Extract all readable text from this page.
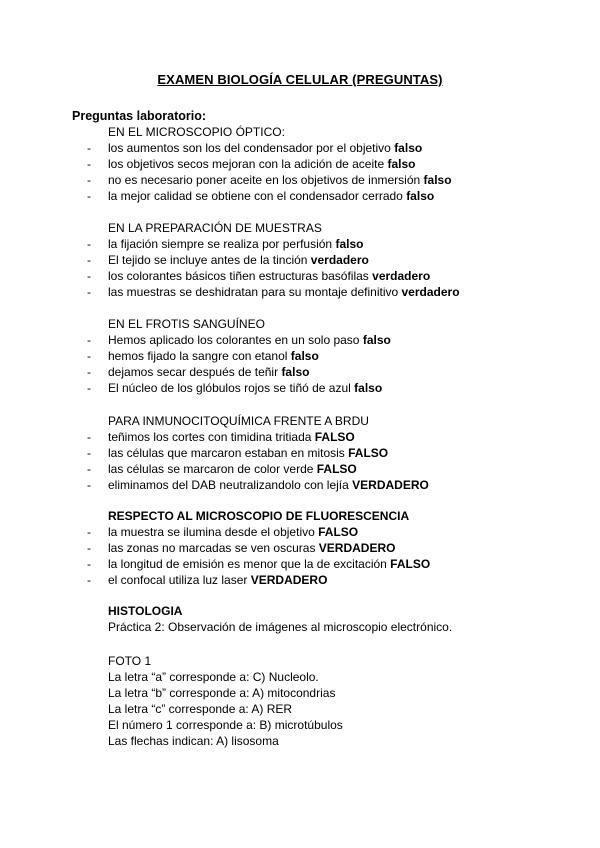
EXAMEN BIOLOGÍA CELULAR (PREGUNTAS)
Preguntas laboratorio:
EN EL MICROSCOPIO ÓPTICO:
- los aumentos son los del condensador por el objetivo falso
- los objetivos secos mejoran con la adición de aceite falso
- no es necesario poner aceite en los objetivos de inmersión falso
- la mejor calidad se obtiene con el condensador cerrado falso
EN LA PREPARACIÓN DE MUESTRAS
- la fijación siempre se realiza por perfusión falso
- El tejido se incluye antes de la tinción verdadero
- los colorantes básicos tiñen estructuras basófilas verdadero
- las muestras se deshidratan para su montaje definitivo verdadero
EN EL FROTIS SANGUÍNEO
- Hemos aplicado los colorantes en un solo paso falso
- hemos fijado la sangre con etanol falso
- dejamos secar después de teñir falso
- El núcleo de los glóbulos rojos se tiñó de azul falso
PARA INMUNOCITOQUÍMICA FRENTE A BRDU
- teñimos los cortes con timidina tritiada FALSO
- las células que marcaron estaban en mitosis FALSO
- las células se marcaron de color verde FALSO
- eliminamos del DAB neutralizandolo con lejía VERDADERO
RESPECTO AL MICROSCOPIO DE FLUORESCENCIA
- la muestra se ilumina desde el objetivo FALSO
- las zonas no marcadas se ven oscuras VERDADERO
- la longitud de emisión es menor que la de excitación FALSO
- el confocal utiliza luz laser VERDADERO
HISTOLOGIA
Práctica 2: Observación de imágenes al microscopio electrónico.
FOTO 1
La letra “a” corresponde a: C) Nucleolo.
La letra “b” corresponde a: A) mitocondrias
La letra “c” corresponde a: A) RER
El número 1 corresponde a: B) microtúbulos
Las flechas indican: A) lisosoma
